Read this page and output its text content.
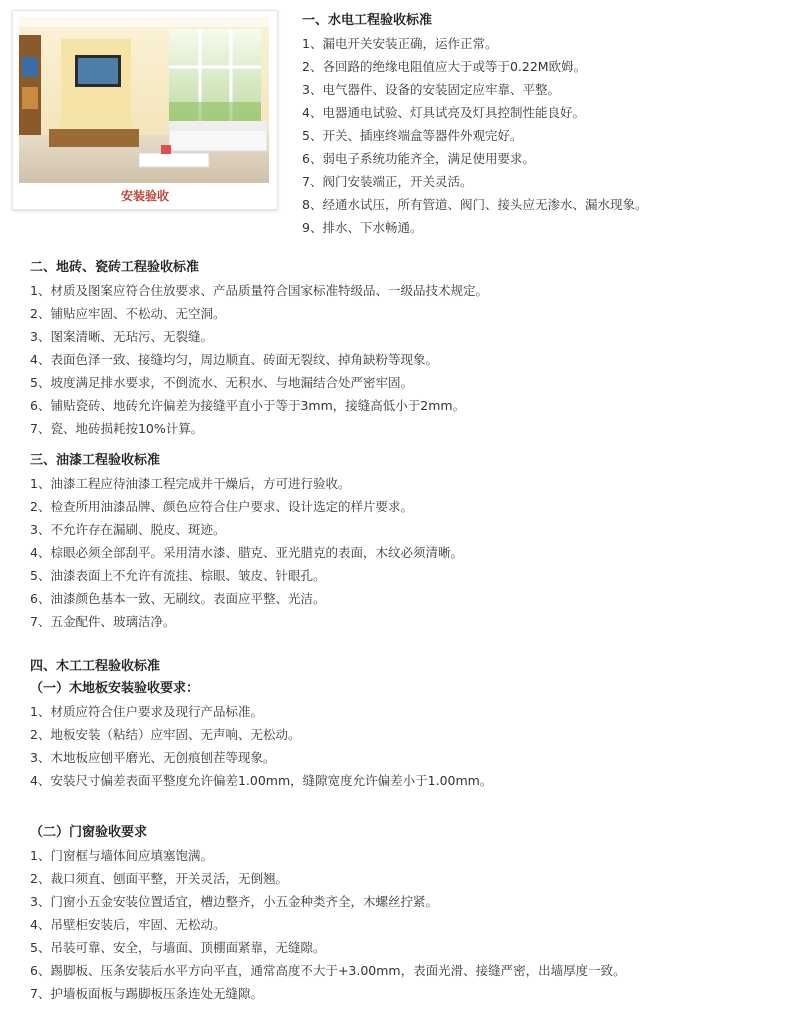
安装验收
一、水电工程验收标准
1、漏电开关安装正确，运作正常。
2、各回路的绝缘电阻值应大于或等于0.22M欧姆。
3、电气器件、设备的安装固定应牢靠、平整。
4、电器通电试验、灯具试亮及灯具控制性能良好。
5、开关、插座终端盒等器件外观完好。
6、弱电子系统功能齐全，满足使用要求。
7、阀门安装端正，开关灵活。
8、经通水试压，所有管道、阀门、接头应无渗水、漏水现象。
9、排水、下水畅通。
二、地砖、瓷砖工程验收标准
1、材质及图案应符合住放要求、产品质量符合国家标准特级品、一级品技术规定。
2、铺贴应牢固、不松动、无空洞。
3、图案清晰、无玷污、无裂缝。
4、表面色泽一致、接缝均匀，周边顺直、砖面无裂纹、掉角缺粉等现象。
5、坡度满足排水要求，不倒流水、无积水、与地漏结合处严密牢固。
6、铺贴瓷砖、地砖允许偏差为接缝平直小于等于3mm，接缝高低小于2mm。
7、瓷、地砖损耗按10%计算。
三、油漆工程验收标准
1、油漆工程应待油漆工程完成并干燥后，方可进行验收。
2、检查所用油漆品牌、颜色应符合住户要求、设计选定的样片要求。
3、不允许存在漏刷、脱皮、斑迹。
4、棕眼必须全部刮平。采用清水漆、腊克、亚光腊克的表面，木纹必须清晰。
5、油漆表面上不允许有流挂、棕眼、皱皮、针眼孔。
6、油漆颜色基本一致、无刷纹。表面应平整、光洁。
7、五金配件、玻璃洁净。
四、木工工程验收标准
（一）木地板安装验收要求：
1、材质应符合住户要求及现行产品标准。
2、地板安装（粘结）应牢固、无声响、无松动。
3、木地板应刨平磨光、无创痕刨茬等现象。
4、安装尺寸偏差表面平整度允许偏差1.00mm，缝隙宽度允许偏差小于1.00mm。
（二）门窗验收要求
1、门窗框与墙体间应填塞饱满。
2、裁口须直、刨面平整，开关灵活，无倒翘。
3、门窗小五金安装位置适宜，槽边整齐，小五金种类齐全，木螺丝拧紧。
4、吊壁柜安装后，牢固、无松动。
5、吊装可靠、安全，与墙面、顶棚面紧靠，无缝隙。
6、踢脚板、压条安装后水平方向平直，通常高度不大于+3.00mm，表面光滑、接缝严密，出墙厚度一致。
7、护墙板面板与踢脚板压条连处无缝隙。
